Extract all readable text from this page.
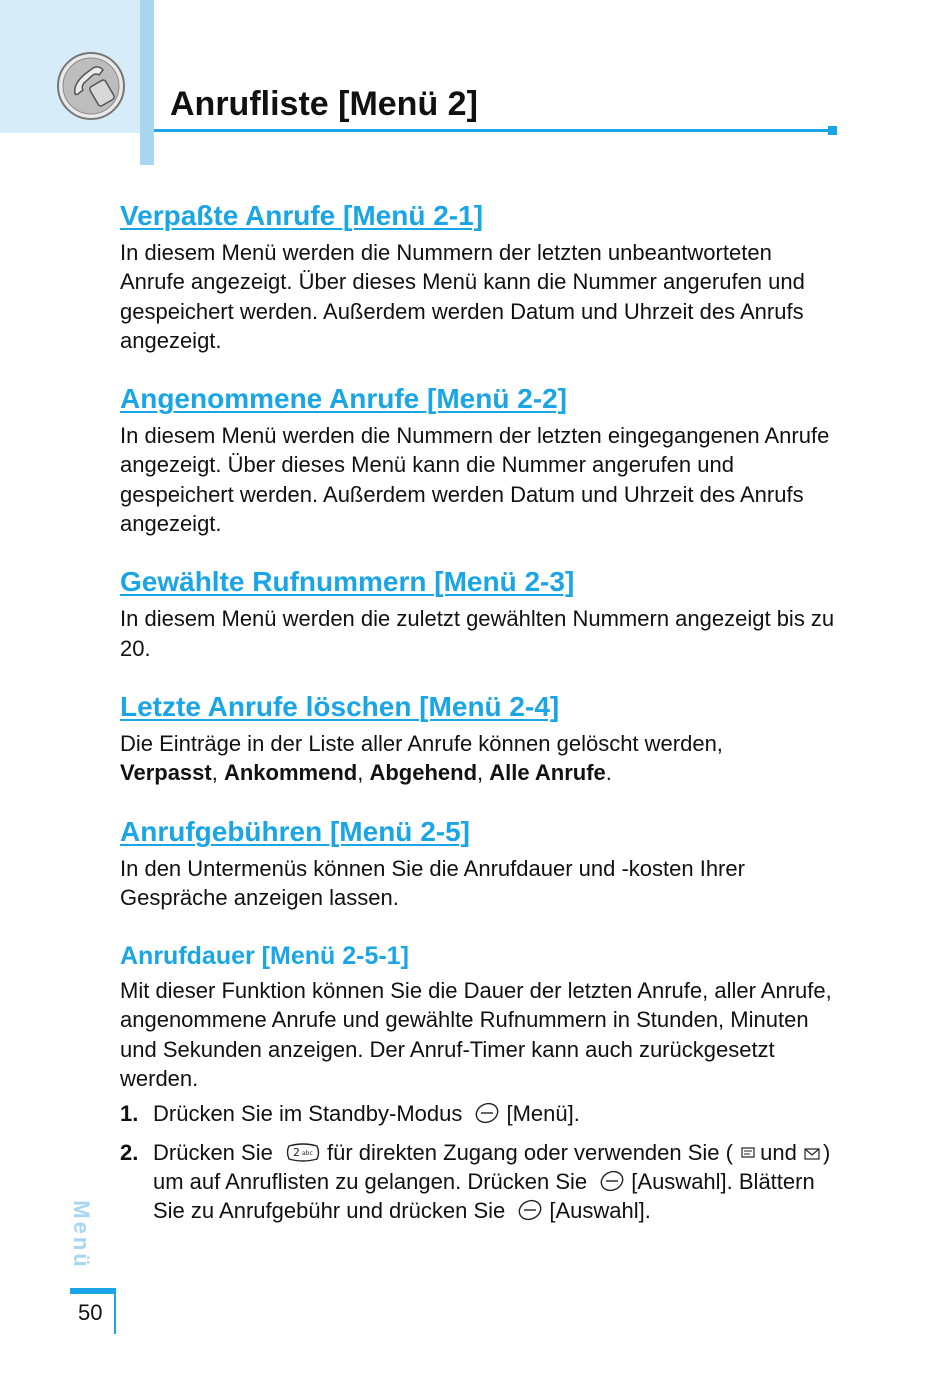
Anrufliste [Menü 2]
Verpaßte Anrufe [Menü 2-1]

In diesem Menü werden die Nummern der letzten unbeantworteten Anrufe angezeigt. Über dieses Menü kann die Nummer angerufen und gespeichert werden. Außerdem werden Datum und Uhrzeit des Anrufs angezeigt.

Angenommene Anrufe [Menü 2-2]

In diesem Menü werden die Nummern der letzten eingegangenen Anrufe angezeigt. Über dieses Menü kann die Nummer angerufen und gespeichert werden. Außerdem werden Datum und Uhrzeit des Anrufs angezeigt.

Gewählte Rufnummern [Menü 2-3]

In diesem Menü werden die zuletzt gewählten Nummern angezeigt bis zu 20.

Letzte Anrufe löschen [Menü 2-4]

Die Einträge in der Liste aller Anrufe können gelöscht werden,
Verpasst, Ankommend, Abgehend, Alle Anrufe.

Anrufgebühren [Menü 2-5]

In den Untermenüs können Sie die Anrufdauer und -kosten Ihrer Gespräche anzeigen lassen.

Anrufdauer [Menü 2-5-1]

Mit dieser Funktion können Sie die Dauer der letzten Anrufe, aller Anrufe, angenommene Anrufe und gewählte Rufnummern in Stunden, Minuten und Sekunden anzeigen. Der Anruf-Timer kann auch zurückgesetzt werden.

1. Drücken Sie im Standby-Modus [Menü].
2. Drücken Sie 2 abc für direkten Zugang oder verwenden Sie ( und ) um auf Anruflisten zu gelangen. Drücken Sie [Auswahl]. Blättern Sie zu Anrufgebühr und drücken Sie [Auswahl].
Menü
50
